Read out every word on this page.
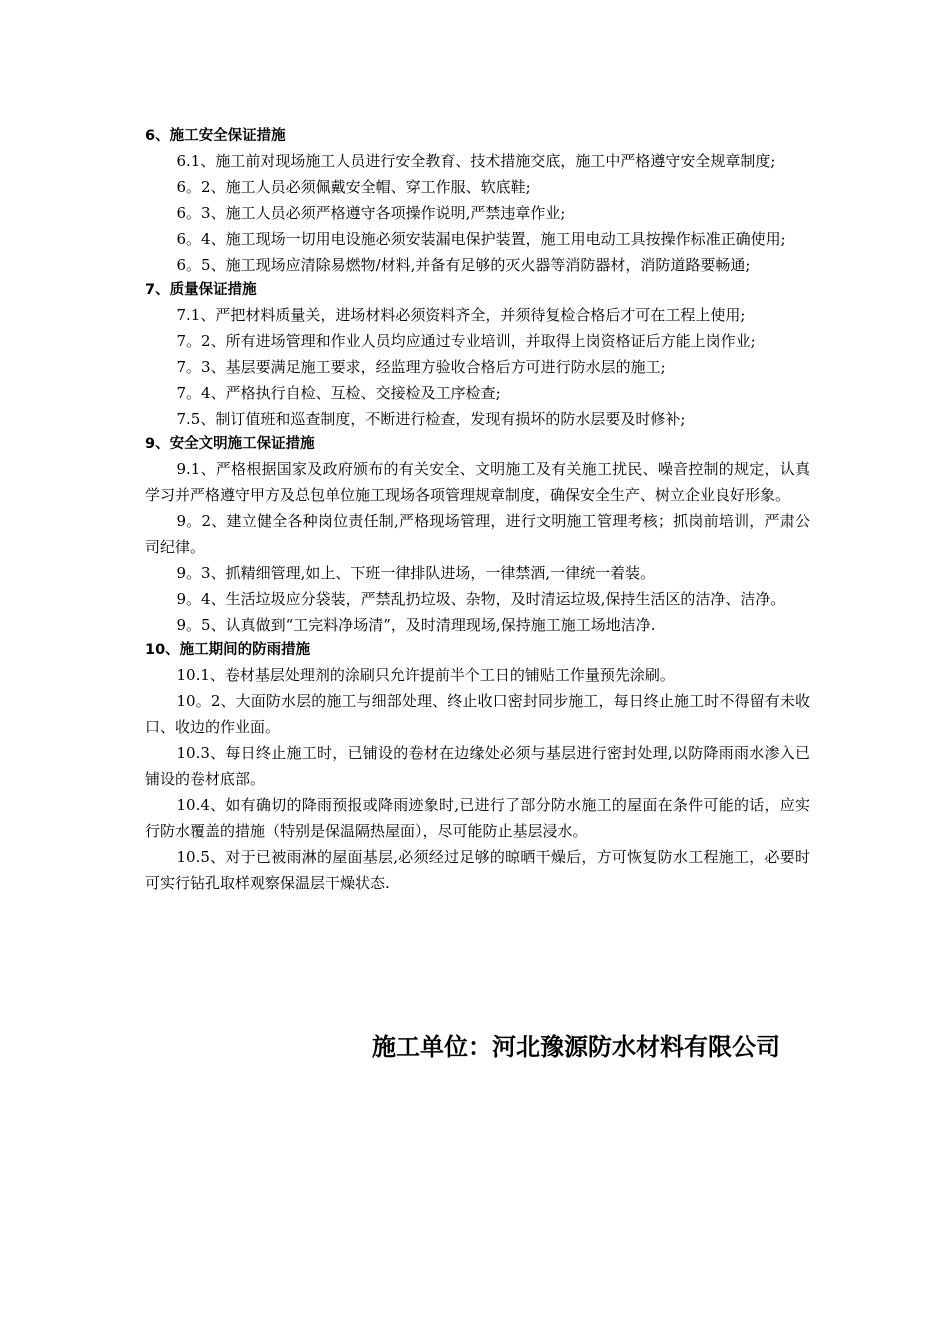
6、施工安全保证措施

6.1、施工前对现场施工人员进行安全教育、技术措施交底，施工中严格遵守安全规章制度;

6。2、施工人员必须佩戴安全帽、穿工作服、软底鞋;

6。3、施工人员必须严格遵守各项操作说明,严禁违章作业;

6。4、施工现场一切用电设施必须安装漏电保护装置，施工用电动工具按操作标准正确使用;

6。5、施工现场应清除易燃物/材料,并备有足够的灭火器等消防器材，消防道路要畅通;

7、质量保证措施

7.1、严把材料质量关，进场材料必须资料齐全，并须待复检合格后才可在工程上使用;

7。2、所有进场管理和作业人员均应通过专业培训，并取得上岗资格证后方能上岗作业;

7。3、基层要满足施工要求，经监理方验收合格后方可进行防水层的施工;

7。4、严格执行自检、互检、交接检及工序检查;

7.5、制订值班和巡查制度，不断进行检查，发现有损坏的防水层要及时修补;

9、安全文明施工保证措施

9.1、严格根据国家及政府颁布的有关安全、文明施工及有关施工扰民、噪音控制的规定，认真学习并严格遵守甲方及总包单位施工现场各项管理规章制度，确保安全生产、树立企业良好形象。

9。2、建立健全各种岗位责任制,严格现场管理，进行文明施工管理考核；抓岗前培训，严肃公司纪律。

9。3、抓精细管理,如上、下班一律排队进场，一律禁酒,一律统一着装。

9。4、生活垃圾应分袋装，严禁乱扔垃圾、杂物，及时清运垃圾,保持生活区的洁净、洁净。

9。5、认真做到“工完料净场清”，及时清理现场,保持施工施工场地洁净.

10、施工期间的防雨措施

10.1、卷材基层处理剂的涂刷只允许提前半个工日的铺贴工作量预先涂刷。

10。2、大面防水层的施工与细部处理、终止收口密封同步施工，每日终止施工时不得留有未收口、收边的作业面。

10.3、每日终止施工时，已铺设的卷材在边缘处必须与基层进行密封处理,以防降雨雨水渗入已铺设的卷材底部。

10.4、如有确切的降雨预报或降雨迹象时,已进行了部分防水施工的屋面在条件可能的话，应实行防水覆盖的措施（特别是保温隔热屋面），尽可能防止基层浸水。

10.5、对于已被雨淋的屋面基层,必须经过足够的晾晒干燥后，方可恢复防水工程施工，必要时可实行钻孔取样观察保温层干燥状态.

施工单位：河北豫源防水材料有限公司
